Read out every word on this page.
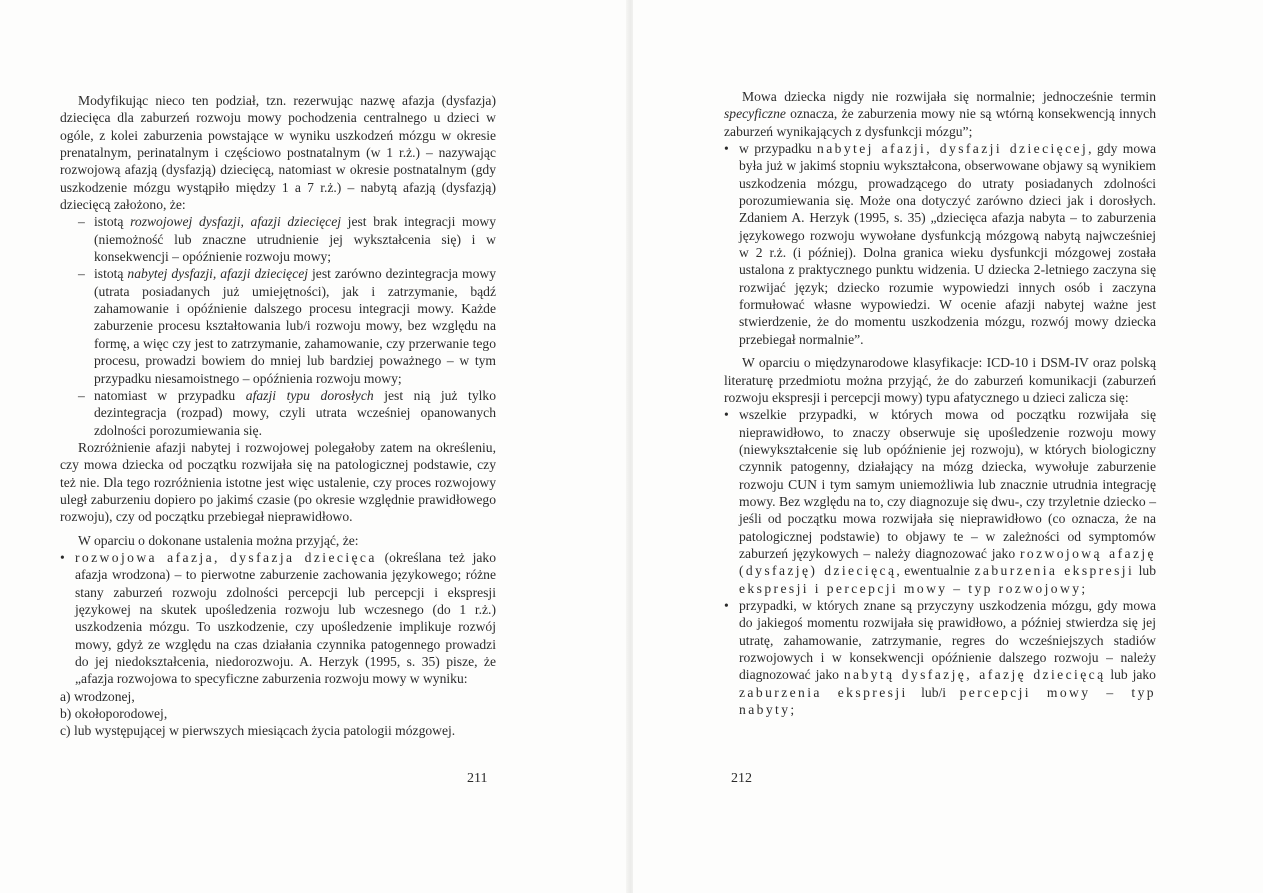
Modyfikując nieco ten podział, tzn. rezerwując nazwę afazja (dysfazja) dziecięca dla zaburzeń rozwoju mowy pochodzenia centralnego u dzieci w ogóle, z kolei zaburzenia powstające w wyniku uszkodzeń mózgu w okresie prenatalnym, perinatalnym i częściowo postnatalnym (w 1 r.ż.) – nazywając rozwojową afazją (dysfazją) dziecięcą, natomiast w okresie postnatalnym (gdy uszkodzenie mózgu wystąpiło między 1 a 7 r.ż.) – nabytą afazją (dysfazją) dziecięcą założono, że:

– istotą rozwojowej dysfazji, afazji dziecięcej jest brak integracji mowy (niemożność lub znaczne utrudnienie jej wykształcenia się) i w konsekwencji – opóźnienie rozwoju mowy;

– istotą nabytej dysfazji, afazji dziecięcej jest zarówno dezintegracja mowy (utrata posiadanych już umiejętności), jak i zatrzymanie, bądź zahamowanie i opóźnienie dalszego procesu integracji mowy. Każde zaburzenie procesu kształtowania lub/i rozwoju mowy, bez względu na formę, a więc czy jest to zatrzymanie, zahamowanie, czy przerwanie tego procesu, prowadzi bowiem do mniej lub bardziej poważnego – w tym przypadku niesamoistnego – opóźnienia rozwoju mowy;

– natomiast w przypadku afazji typu dorosłych jest nią już tylko dezintegracja (rozpad) mowy, czyli utrata wcześniej opanowanych zdolności porozumiewania się.

Rozróżnienie afazji nabytej i rozwojowej polegałoby zatem na określeniu, czy mowa dziecka od początku rozwijała się na patologicznej podstawie, czy też nie. Dla tego rozróżnienia istotne jest więc ustalenie, czy proces rozwojowy uległ zaburzeniu dopiero po jakimś czasie (po okresie względnie prawidłowego rozwoju), czy od początku przebiegał nieprawidłowo.

W oparciu o dokonane ustalenia można przyjąć, że:

• rozwojowa afazja, dysfazja dziecięca (określana też jako afazja wrodzona) – to pierwotne zaburzenie zachowania językowego; różne stany zaburzeń rozwoju zdolności percepcji lub percepcji i ekspresji językowej na skutek upośledzenia rozwoju lub wczesnego (do 1 r.ż.) uszkodzenia mózgu. To uszkodzenie, czy upośledzenie implikuje rozwój mowy, gdyż ze względu na czas działania czynnika patogennego prowadzi do jej niedokształcenia, niedorozwoju. A. Herzyk (1995, s. 35) pisze, że „afazja rozwojowa to specyficzne zaburzenia rozwoju mowy w wyniku:

a) wrodzonej,

b) okołoporodowej,

c) lub występującej w pierwszych miesiącach życia patologii mózgowej.

211

Mowa dziecka nigdy nie rozwijała się normalnie; jednocześnie termin specyficzne oznacza, że zaburzenia mowy nie są wtórną konsekwencją innych zaburzeń wynikających z dysfunkcji mózgu”;

• w przypadku nabytej afazji, dysfazji dziecięcej, gdy mowa była już w jakimś stopniu wykształcona, obserwowane objawy są wynikiem uszkodzenia mózgu, prowadzącego do utraty posiadanych zdolności porozumiewania się. Może ona dotyczyć zarówno dzieci jak i dorosłych. Zdaniem A. Herzyk (1995, s. 35) „dziecięca afazja nabyta – to zaburzenia językowego rozwoju wywołane dysfunkcją mózgową nabytą najwcześniej w 2 r.ż. (i później). Dolna granica wieku dysfunkcji mózgowej została ustalona z praktycznego punktu widzenia. U dziecka 2-letniego zaczyna się rozwijać język; dziecko rozumie wypowiedzi innych osób i zaczyna formułować własne wypowiedzi. W ocenie afazji nabytej ważne jest stwierdzenie, że do momentu uszkodzenia mózgu, rozwój mowy dziecka przebiegał normalnie”.

W oparciu o międzynarodowe klasyfikacje: ICD-10 i DSM-IV oraz polską literaturę przedmiotu można przyjąć, że do zaburzeń komunikacji (zaburzeń rozwoju ekspresji i percepcji mowy) typu afatycznego u dzieci zalicza się:

• wszelkie przypadki, w których mowa od początku rozwijała się nieprawidłowo, to znaczy obserwuje się upośledzenie rozwoju mowy (niewykształcenie się lub opóźnienie jej rozwoju), w których biologiczny czynnik patogenny, działający na mózg dziecka, wywołuje zaburzenie rozwoju CUN i tym samym uniemożliwia lub znacznie utrudnia integrację mowy. Bez względu na to, czy diagnozuje się dwu-, czy trzyletnie dziecko – jeśli od początku mowa rozwijała się nieprawidłowo (co oznacza, że na patologicznej podstawie) to objawy te – w zależności od symptomów zaburzeń językowych – należy diagnozować jako rozwojową afazję (dysfazję) dziecięcą, ewentualnie zaburzenia ekspresji lub ekspresji i percepcji mowy – typ rozwojowy;

• przypadki, w których znane są przyczyny uszkodzenia mózgu, gdy mowa do jakiegoś momentu rozwijała się prawidłowo, a później stwierdza się jej utratę, zahamowanie, zatrzymanie, regres do wcześniejszych stadiów rozwojowych i w konsekwencji opóźnienie dalszego rozwoju – należy diagnozować jako nabytą dysfazję, afazję dziecięcą lub jako zaburzenia ekspresji lub/i percepcji mowy – typ nabyty;

212
